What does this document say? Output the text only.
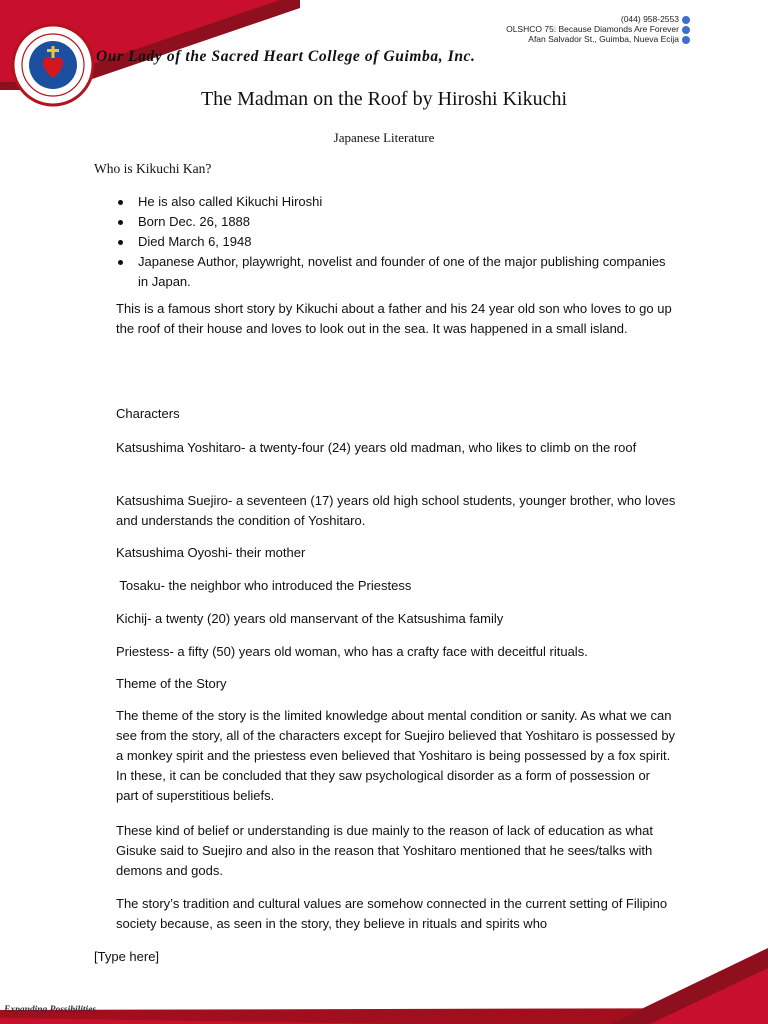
(044) 958-2553
OLSHCO 75: Because Diamonds Are Forever
Afan Salvador St., Guimba, Nueva Ecija
Our Lady of the Sacred Heart College of Guimba, Inc.
The Madman on the Roof by Hiroshi Kikuchi
Japanese Literature
Who is Kikuchi Kan?
He is also called Kikuchi Hiroshi
Born Dec. 26, 1888
Died March 6, 1948
Japanese Author, playwright, novelist and founder of one of the major publishing companies in Japan.

This is a famous short story by Kikuchi about a father and his 24 year old son who loves to go up the roof of their house and loves to look out in the sea. It was happened in a small island.

Characters

Katsushima Yoshitaro- a twenty-four (24) years old madman, who likes to climb on the roof

Katsushima Suejiro- a seventeen (17) years old high school students, younger brother, who loves and understands the condition of Yoshitaro.

Katsushima Oyoshi- their mother

Tosaku- the neighbor who introduced the Priestess

Kichij- a twenty (20) years old manservant of the Katsushima family

Priestess- a fifty (50) years old woman, who has a crafty face with deceitful rituals.

Theme of the Story

The theme of the story is the limited knowledge about mental condition or sanity. As what we can see from the story, all of the characters except for Suejiro believed that Yoshitaro is possessed by a monkey spirit and the priestess even believed that Yoshitaro is being possessed by a fox spirit. In these, it can be concluded that they saw psychological disorder as a form of possession or part of superstitious beliefs.

These kind of belief or understanding is due mainly to the reason of lack of education as what Gisuke said to Suejiro and also in the reason that Yoshitaro mentioned that he sees/talks with demons and gods.

The story’s tradition and cultural values are somehow connected in the current setting of Filipino society because, as seen in the story, they believe in rituals and spirits who

[Type here]
Expanding Possibilities
